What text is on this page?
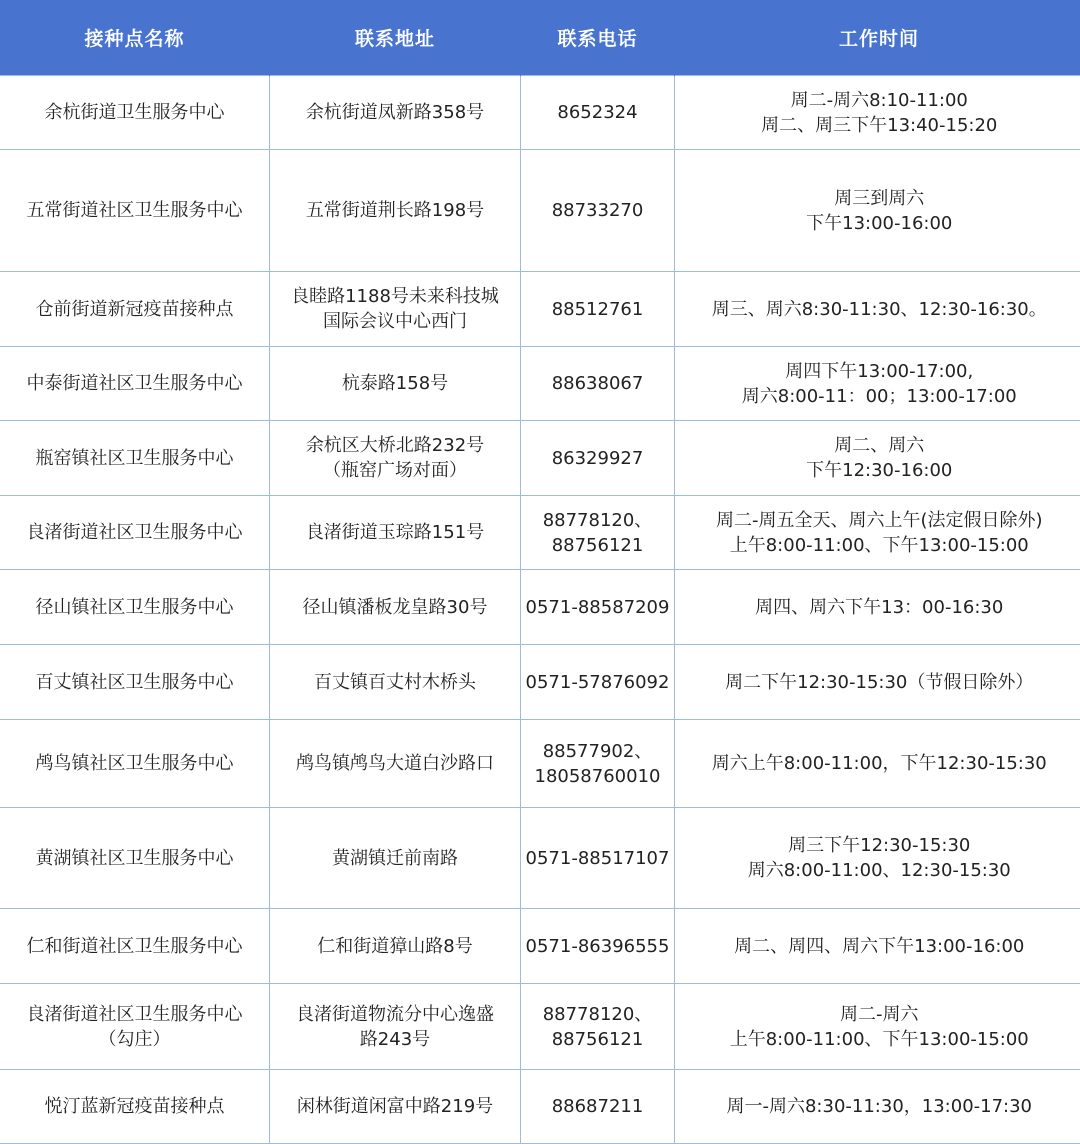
接种点名称	联系地址	联系电话	工作时间
余杭街道卫生服务中心	余杭街道凤新路358号	8652324	周二-周六8:10-11:00
周二、周三下午13:40-15:20
五常街道社区卫生服务中心	五常街道荆长路198号	88733270	周三到周六
下午13:00-16:00
仓前街道新冠疫苗接种点	良睦路1188号未来科技城
国际会议中心西门	88512761	周三、周六8:30-11:30、12:30-16:30。
中泰街道社区卫生服务中心	杭泰路158号	88638067	周四下午13:00-17:00,
周六8:00-11：00；13:00-17:00
瓶窑镇社区卫生服务中心	余杭区大桥北路232号
（瓶窑广场对面）	86329927	周二、周六
下午12:30-16:00
良渚街道社区卫生服务中心	良渚街道玉琮路151号	88778120、
88756121	周二-周五全天、周六上午(法定假日除外)
上午8:00-11:00、下午13:00-15:00
径山镇社区卫生服务中心	径山镇潘板龙皇路30号	0571-88587209	周四、周六下午13：00-16:30
百丈镇社区卫生服务中心	百丈镇百丈村木桥头	0571-57876092	周二下午12:30-15:30（节假日除外）
鸬鸟镇社区卫生服务中心	鸬鸟镇鸬鸟大道白沙路口	88577902、
18058760010	周六上午8:00-11:00，下午12:30-15:30
黄湖镇社区卫生服务中心	黄湖镇迁前南路	0571-88517107	周三下午12:30-15:30
周六8:00-11:00、12:30-15:30
仁和街道社区卫生服务中心	仁和街道獐山路8号	0571-86396555	周二、周四、周六下午13:00-16:00
良渚街道社区卫生服务中心
（勾庄）	良渚街道物流分中心逸盛
路243号	88778120、
88756121	周二-周六
上午8:00-11:00、下午13:00-15:00
悦汀蓝新冠疫苗接种点	闲林街道闲富中路219号	88687211	周一-周六8:30-11:30，13:00-17:30
